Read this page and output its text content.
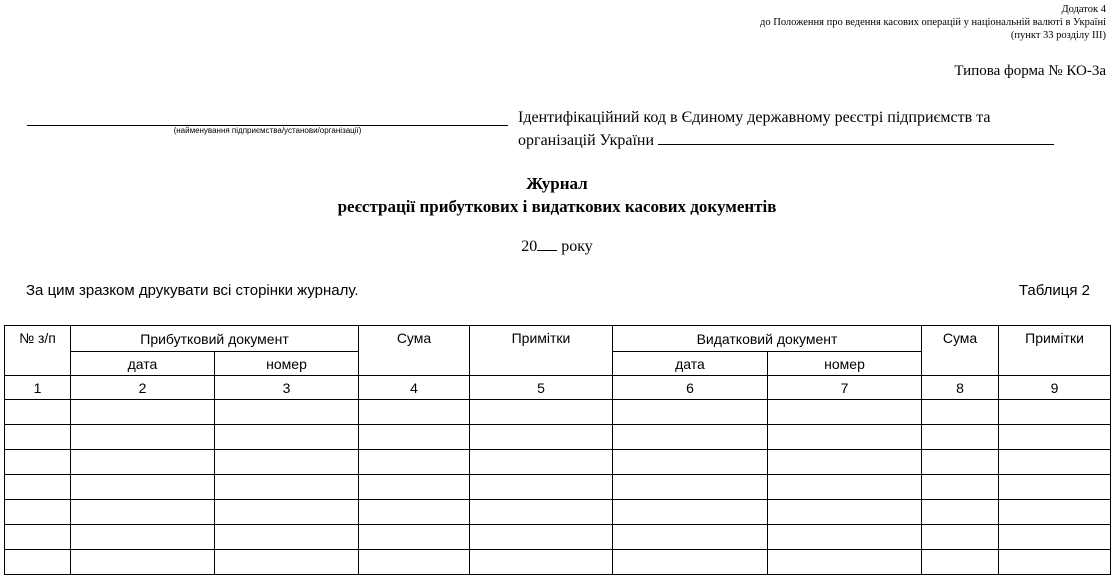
Додаток 4
до Положення про ведення касових операцій у національній валюті в Україні
(пункт 33 розділу ІІІ)
Типова форма № КО-3а
(найменування підприємства/установи/організації)
Ідентифікаційний код в Єдиному державному реєстрі підприємств та
організацій України
Журнал
реєстрації прибуткових і видаткових касових документів
20 року
За цим зразком друкувати всі сторінки журналу.	Таблиця 2
№ з/п	Прибутковий документ		Сума	Примітки	Видатковий документ		Сума	Примітки
	дата	номер			дата	номер		
1	2	3	4	5	6	7	8	9
